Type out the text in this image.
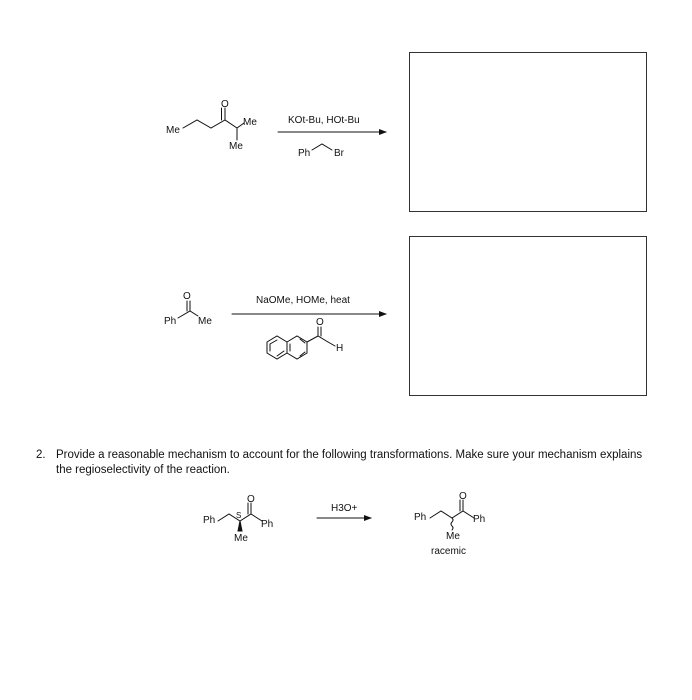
Me
O
Me
Me
KOt-Bu, HOt-Bu
Ph Br
O
Ph Me
NaOMe, HOMe, heat
O
H
2. Provide a reasonable mechanism to account for the following transformations. Make sure your mechanism explains the regioselectivity of the reaction.
O
Ph	S
Ph
Me
H3O+
O
Ph	Ph
Me
racemic
